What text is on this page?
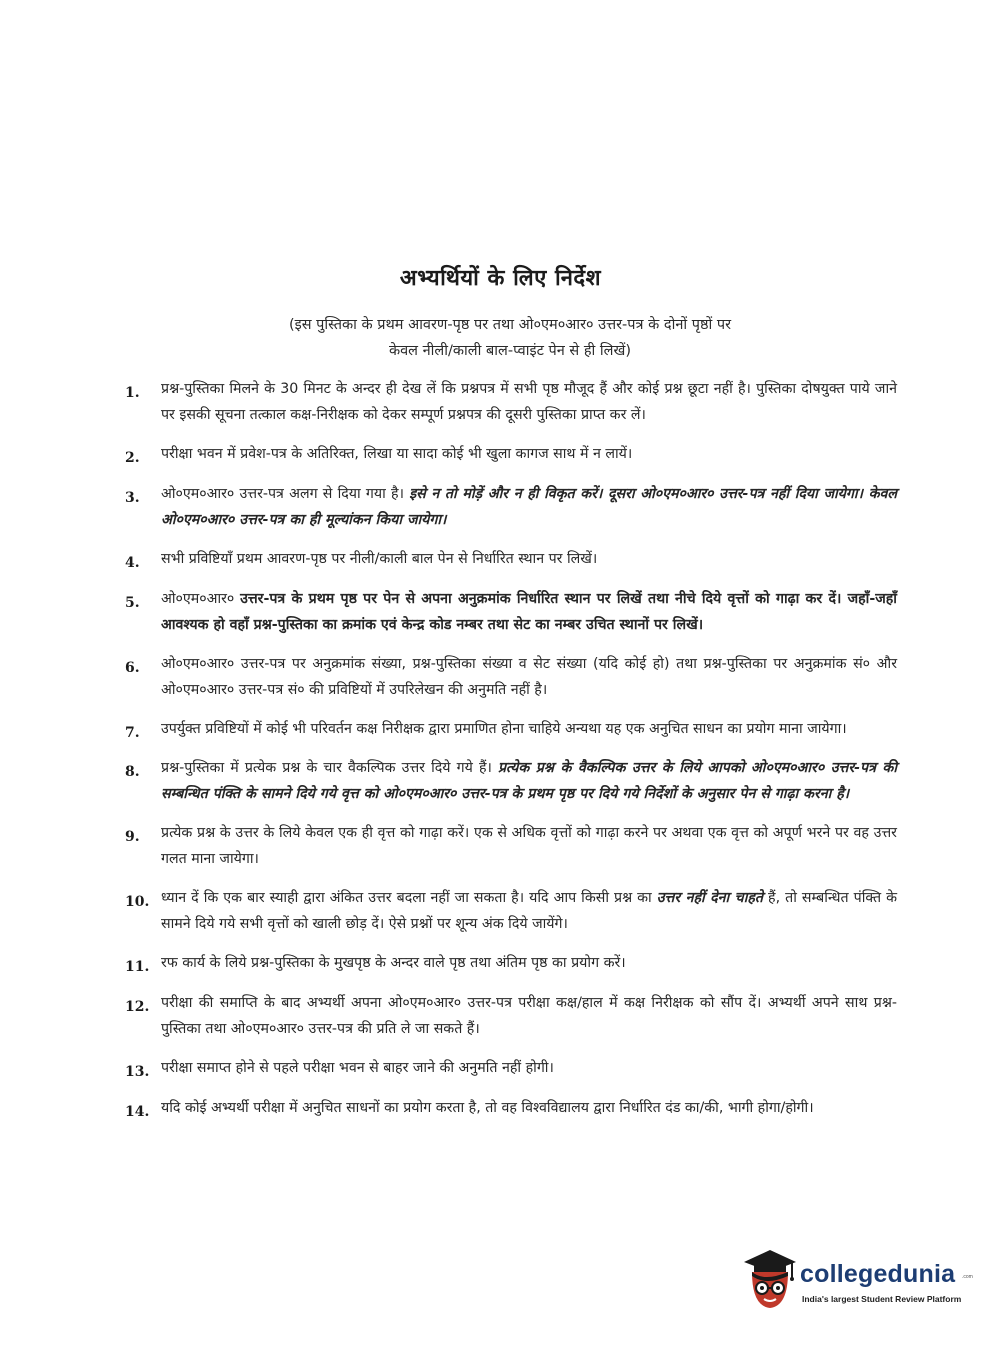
अभ्यर्थियों के लिए निर्देश
(इस पुस्तिका के प्रथम आवरण-पृष्ठ पर तथा ओ०एम०आर० उत्तर-पत्र के दोनों पृष्ठों पर
केवल नीली/काली बाल-प्वाइंट पेन से ही लिखें)
1.	प्रश्न-पुस्तिका मिलने के 30 मिनट के अन्दर ही देख लें कि प्रश्नपत्र में सभी पृष्ठ मौजूद हैं और कोई प्रश्न छूटा नहीं है। पुस्तिका दोषयुक्त पाये जाने पर इसकी सूचना तत्काल कक्ष-निरीक्षक को देकर सम्पूर्ण प्रश्नपत्र की दूसरी पुस्तिका प्राप्त कर लें।
2.	परीक्षा भवन में प्रवेश-पत्र के अतिरिक्त, लिखा या सादा कोई भी खुला कागज साथ में न लायें।
3.	ओ०एम०आर० उत्तर-पत्र अलग से दिया गया है। इसे न तो मोड़ें और न ही विकृत करें। दूसरा ओ०एम०आर० उत्तर-पत्र नहीं दिया जायेगा। केवल ओ०एम०आर० उत्तर-पत्र का ही मूल्यांकन किया जायेगा।
4.	सभी प्रविष्टियाँ प्रथम आवरण-पृष्ठ पर नीली/काली बाल पेन से निर्धारित स्थान पर लिखें।
5.	ओ०एम०आर० उत्तर-पत्र के प्रथम पृष्ठ पर पेन से अपना अनुक्रमांक निर्धारित स्थान पर लिखें तथा नीचे दिये वृत्तों को गाढ़ा कर दें। जहाँ-जहाँ आवश्यक हो वहाँ प्रश्न-पुस्तिका का क्रमांक एवं केन्द्र कोड नम्बर तथा सेट का नम्बर उचित स्थानों पर लिखें।
6.	ओ०एम०आर० उत्तर-पत्र पर अनुक्रमांक संख्या, प्रश्न-पुस्तिका संख्या व सेट संख्या (यदि कोई हो) तथा प्रश्न-पुस्तिका पर अनुक्रमांक सं० और ओ०एम०आर० उत्तर-पत्र सं० की प्रविष्टियों में उपरिलेखन की अनुमति नहीं है।
7.	उपर्युक्त प्रविष्टियों में कोई भी परिवर्तन कक्ष निरीक्षक द्वारा प्रमाणित होना चाहिये अन्यथा यह एक अनुचित साधन का प्रयोग माना जायेगा।
8.	प्रश्न-पुस्तिका में प्रत्येक प्रश्न के चार वैकल्पिक उत्तर दिये गये हैं। प्रत्येक प्रश्न के वैकल्पिक उत्तर के लिये आपको ओ०एम०आर० उत्तर-पत्र की सम्बन्धित पंक्ति के सामने दिये गये वृत्त को ओ०एम०आर० उत्तर-पत्र के प्रथम पृष्ठ पर दिये गये निर्देशों के अनुसार पेन से गाढ़ा करना है।
9.	प्रत्येक प्रश्न के उत्तर के लिये केवल एक ही वृत्त को गाढ़ा करें। एक से अधिक वृत्तों को गाढ़ा करने पर अथवा एक वृत्त को अपूर्ण भरने पर वह उत्तर गलत माना जायेगा।
10. ध्यान दें कि एक बार स्याही द्वारा अंकित उत्तर बदला नहीं जा सकता है। यदि आप किसी प्रश्न का उत्तर नहीं देना चाहते हैं, तो सम्बन्धित पंक्ति के सामने दिये गये सभी वृत्तों को खाली छोड़ दें। ऐसे प्रश्नों पर शून्य अंक दिये जायेंगे।
11. रफ कार्य के लिये प्रश्न-पुस्तिका के मुखपृष्ठ के अन्दर वाले पृष्ठ तथा अंतिम पृष्ठ का प्रयोग करें।
12. परीक्षा की समाप्ति के बाद अभ्यर्थी अपना ओ०एम०आर० उत्तर-पत्र परीक्षा कक्ष/हाल में कक्ष निरीक्षक को सौंप दें। अभ्यर्थी अपने साथ प्रश्न-पुस्तिका तथा ओ०एम०आर० उत्तर-पत्र की प्रति ले जा सकते हैं।
13. परीक्षा समाप्त होने से पहले परीक्षा भवन से बाहर जाने की अनुमति नहीं होगी।
14. यदि कोई अभ्यर्थी परीक्षा में अनुचित साधनों का प्रयोग करता है, तो वह विश्वविद्यालय द्वारा निर्धारित दंड का/की, भागी होगा/होगी।
collegedunia .com
India's largest Student Review Platform
